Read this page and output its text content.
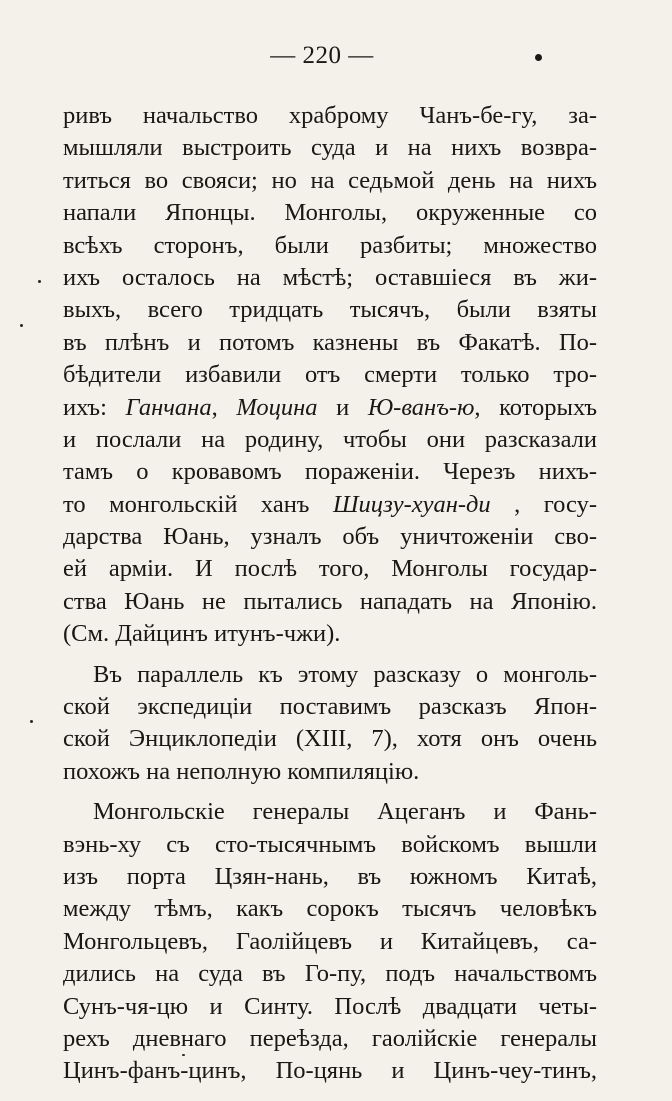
— 220 —
ривъ начальство храброму Чанъ-бе-гу, за-
мышляли выстроить суда и на нихъ возвра-
титься во свояси; но на седьмой день на нихъ
напали Японцы. Монголы, окруженные со
всѣхъ сторонъ, были разбиты; множество
ихъ осталось на мѣстѣ; оставшіеся въ жи-
выхъ, всего тридцать тысячъ, были взяты
въ плѣнъ и потомъ казнены въ Факатѣ. По-
бѣдители избавили отъ смерти только тро-
ихъ: Ганчана, Моцина и Ю-ванъ-ю, которыхъ
и послали на родину, чтобы они разсказали
тамъ о кровавомъ пораженіи. Черезъ нихъ-
то монгольскій ханъ Шицзу-хуан-ди , госу-
дарства Юань, узналъ объ уничтоженіи сво-
ей арміи. И послѣ того, Монголы государ-
ства Юань не пытались нападать на Японію.
(См. Дайцинъ итунъ-чжи).
Въ параллель къ этому разсказу о монголь-
ской экспедиціи поставимъ разсказъ Япон-
ской Энциклопедіи (XIII, 7), хотя онъ очень
похожъ на неполную компиляцію.
Монгольскіе генералы Ацеганъ и Фань-
вэнь-ху съ сто-тысячнымъ войскомъ вышли
изъ порта Цзян-нань, въ южномъ Китаѣ,
между тѣмъ, какъ сорокъ тысячъ человѣкъ
Монгольцевъ, Гаолійцевъ и Китайцевъ, са-
дились на суда въ Го-пу, подъ начальствомъ
Сунъ-чя-цю и Синту. Послѣ двадцати четы-
рехъ дневнаго переѣзда, гаолійскіе генералы
Цинъ-фанъ-цинъ, По-цянь и Цинъ-чеу-тинъ,
